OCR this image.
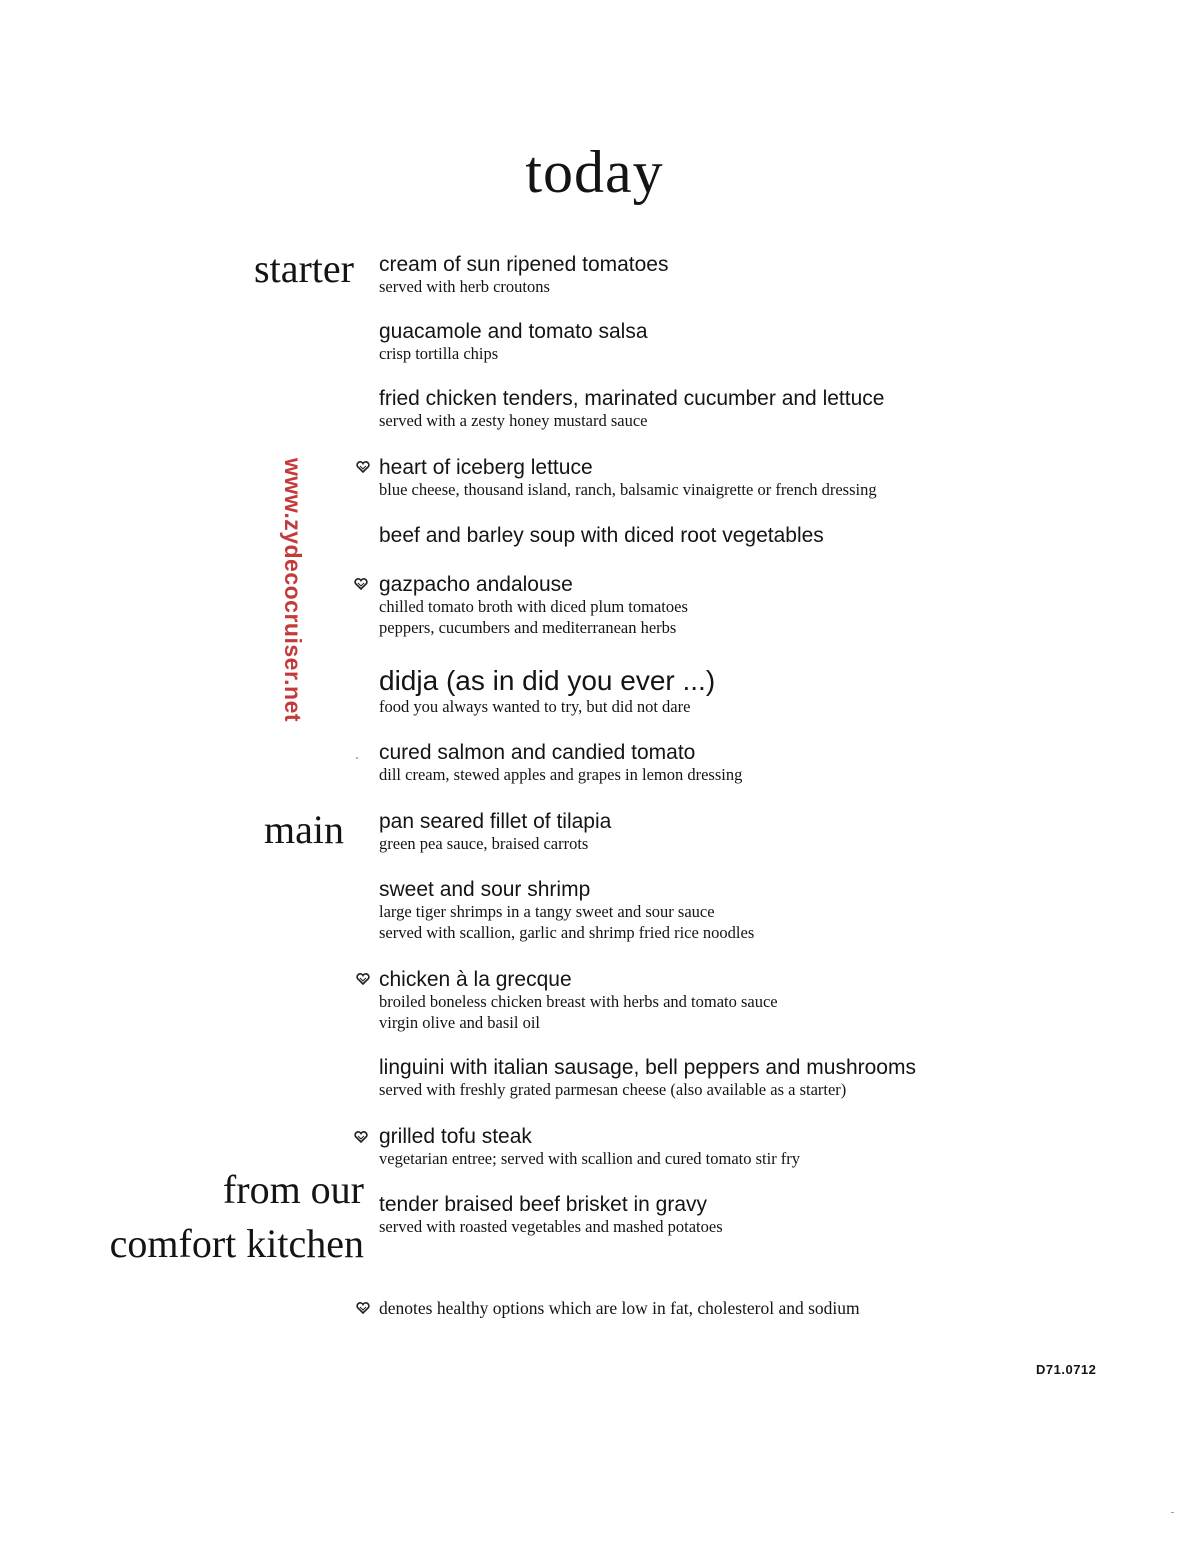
today
starter
main
from our
comfort kitchen
www.zydecocruiser.net
cream of sun ripened tomatoes
served with herb croutons
guacamole and tomato salsa
crisp tortilla chips
fried chicken tenders, marinated cucumber and lettuce
served with a zesty honey mustard sauce
heart of iceberg lettuce
blue cheese, thousand island, ranch, balsamic vinaigrette or french dressing
beef and barley soup with diced root vegetables
gazpacho andalouse
chilled tomato broth with diced plum tomatoes
peppers, cucumbers and mediterranean herbs
didja (as in did you ever ...)
food you always wanted to try, but did not dare
cured salmon and candied tomato
dill cream, stewed apples and grapes in lemon dressing
pan seared fillet of tilapia
green pea sauce, braised carrots
sweet and sour shrimp
large tiger shrimps in a tangy sweet and sour sauce
served with scallion, garlic and shrimp fried rice noodles
chicken à la grecque
broiled boneless chicken breast with herbs and tomato sauce
virgin olive and basil oil
linguini with italian sausage, bell peppers and mushrooms
served with freshly grated parmesan cheese (also available as a starter)
grilled tofu steak
vegetarian entree; served with scallion and cured tomato stir fry
tender braised beef brisket in gravy
served with roasted vegetables and mashed potatoes
denotes healthy options which are low in fat, cholesterol and sodium
D71.0712
